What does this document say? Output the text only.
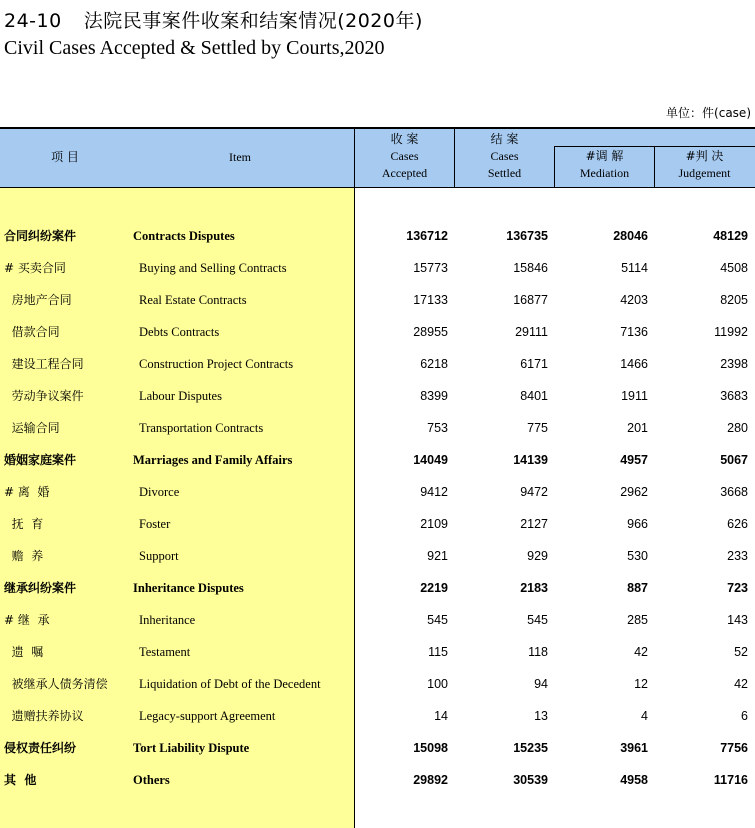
24-10 法院民事案件收案和结案情况(2020年)
Civil Cases Accepted & Settled by Courts,2020
单位：件(case)
项 目	Item
收 案
Cases
Accepted
结 案
Cases
Settled
#调 解
Mediation
#判 决
Judgement
合同纠纷案件	Contracts Disputes	136712	136735	28046	48129
# 买卖合同	Buying and Selling Contracts	15773	15846	5114	4508
房地产合同	Real Estate Contracts	17133	16877	4203	8205
借款合同	Debts Contracts	28955	29111	7136	11992
建设工程合同	Construction Project Contracts	6218	6171	1466	2398
劳动争议案件	Labour Disputes	8399	8401	1911	3683
运输合同	Transportation Contracts	753	775	201	280
婚姻家庭案件	Marriages and Family Affairs	14049	14139	4957	5067
# 离  婚	Divorce	9412	9472	2962	3668
抚  育	Foster	2109	2127	966	626
赡  养	Support	921	929	530	233
继承纠纷案件	Inheritance Disputes	2219	2183	887	723
# 继  承	Inheritance	545	545	285	143
遗  嘱	Testament	115	118	42	52
被继承人债务清偿	Liquidation of Debt of the Decedent	100	94	12	42
遗赠扶养协议	Legacy-support Agreement	14	13	4	6
侵权责任纠纷	Tort Liability Dispute	15098	15235	3961	7756
其  他	Others	29892	30539	4958	11716
